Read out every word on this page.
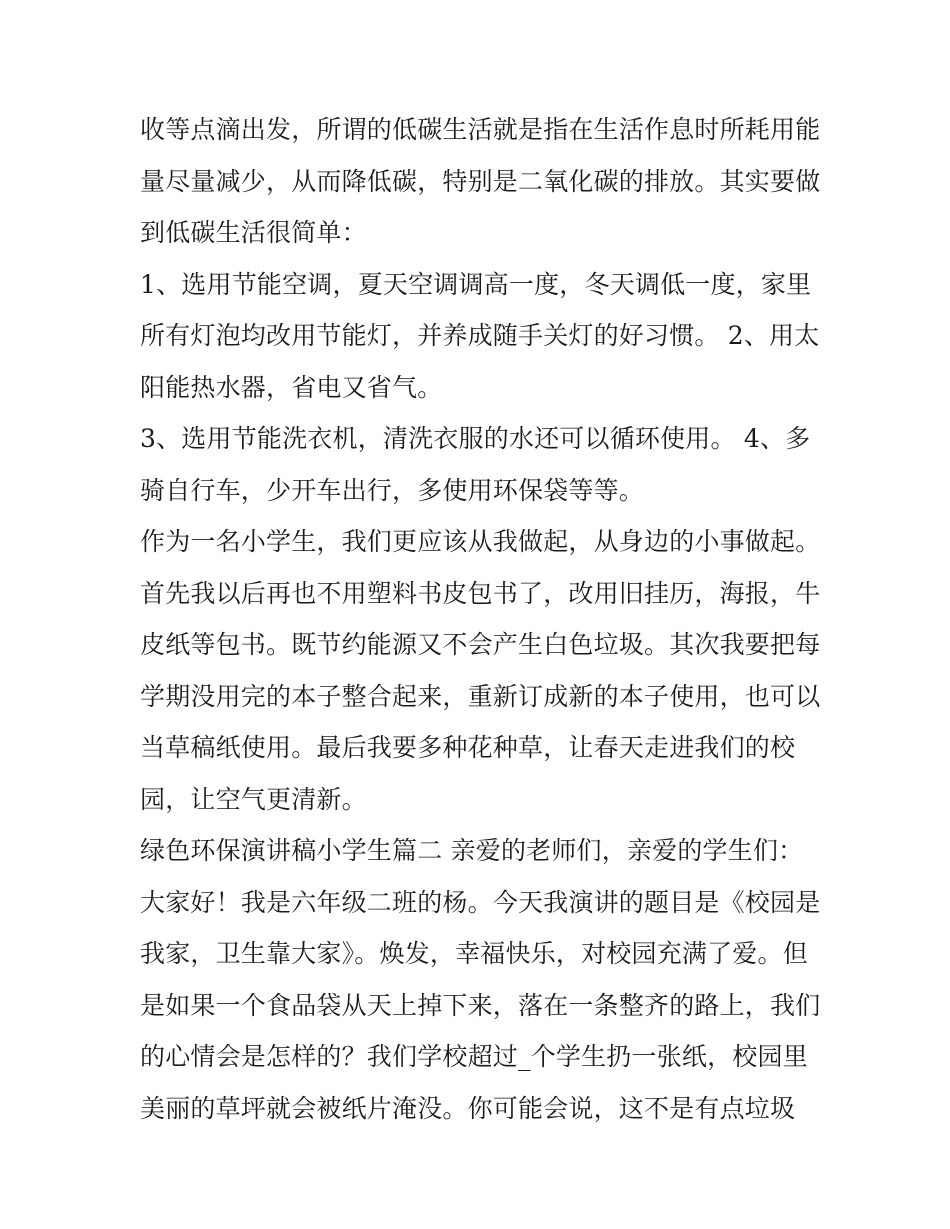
收等点滴出发，所谓的低碳生活就是指在生活作息时所耗用能
量尽量减少，从而降低碳，特别是二氧化碳的排放。其实要做
到低碳生活很简单：
1、选用节能空调，夏天空调调高一度，冬天调低一度，家里
所有灯泡均改用节能灯，并养成随手关灯的好习惯。 2、用太
阳能热水器，省电又省气。
3、选用节能洗衣机，清洗衣服的水还可以循环使用。 4、多
骑自行车，少开车出行，多使用环保袋等等。
作为一名小学生，我们更应该从我做起，从身边的小事做起。
首先我以后再也不用塑料书皮包书了，改用旧挂历，海报，牛
皮纸等包书。既节约能源又不会产生白色垃圾。其次我要把每
学期没用完的本子整合起来，重新订成新的本子使用，也可以
当草稿纸使用。最后我要多种花种草，让春天走进我们的校
园，让空气更清新。
绿色环保演讲稿小学生篇二 亲爱的老师们，亲爱的学生们：
大家好！我是六年级二班的杨。今天我演讲的题目是《校园是
我家，卫生靠大家》。焕发，幸福快乐，对校园充满了爱。但
是如果一个食品袋从天上掉下来，落在一条整齐的路上，我们
的心情会是怎样的？我们学校超过_个学生扔一张纸，校园里
美丽的草坪就会被纸片淹没。你可能会说，这不是有点垃圾
